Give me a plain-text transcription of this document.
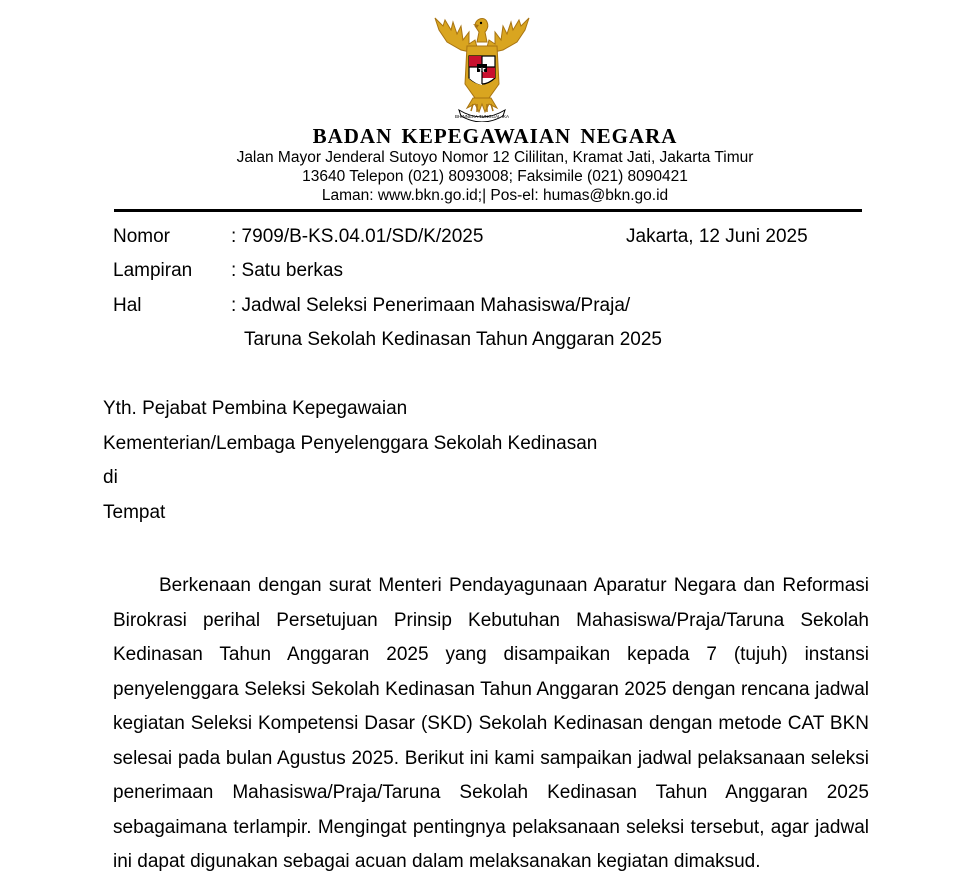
BHINNEKA TUNGGAL IKA
BADAN KEPEGAWAIAN NEGARA
Jalan Mayor Jenderal Sutoyo Nomor 12 Cililitan, Kramat Jati, Jakarta Timur
13640 Telepon (021) 8093008; Faksimile (021) 8090421
Laman: www.bkn.go.id;| Pos-el: humas@bkn.go.id
Nomor	: 7909/B-KS.04.01/SD/K/2025	Jakarta, 12 Juni 2025
Lampiran : Satu berkas
Hal	: Jadwal Seleksi Penerimaan Mahasiswa/Praja/
Taruna Sekolah Kedinasan Tahun Anggaran 2025
Yth. Pejabat Pembina Kepegawaian
Kementerian/Lembaga Penyelenggara Sekolah Kedinasan
di
Tempat

Berkenaan dengan surat Menteri Pendayagunaan Aparatur Negara dan Reformasi Birokrasi perihal Persetujuan Prinsip Kebutuhan Mahasiswa/Praja/Taruna Sekolah Kedinasan Tahun Anggaran 2025 yang disampaikan kepada 7 (tujuh) instansi penyelenggara Seleksi Sekolah Kedinasan Tahun Anggaran 2025 dengan rencana jadwal kegiatan Seleksi Kompetensi Dasar (SKD) Sekolah Kedinasan dengan metode CAT BKN selesai pada bulan Agustus 2025. Berikut ini kami sampaikan jadwal pelaksanaan seleksi penerimaan Mahasiswa/Praja/Taruna Sekolah Kedinasan Tahun Anggaran 2025 sebagaimana terlampir. Mengingat pentingnya pelaksanaan seleksi tersebut, agar jadwal ini dapat digunakan sebagai acuan dalam melaksanakan kegiatan dimaksud.
